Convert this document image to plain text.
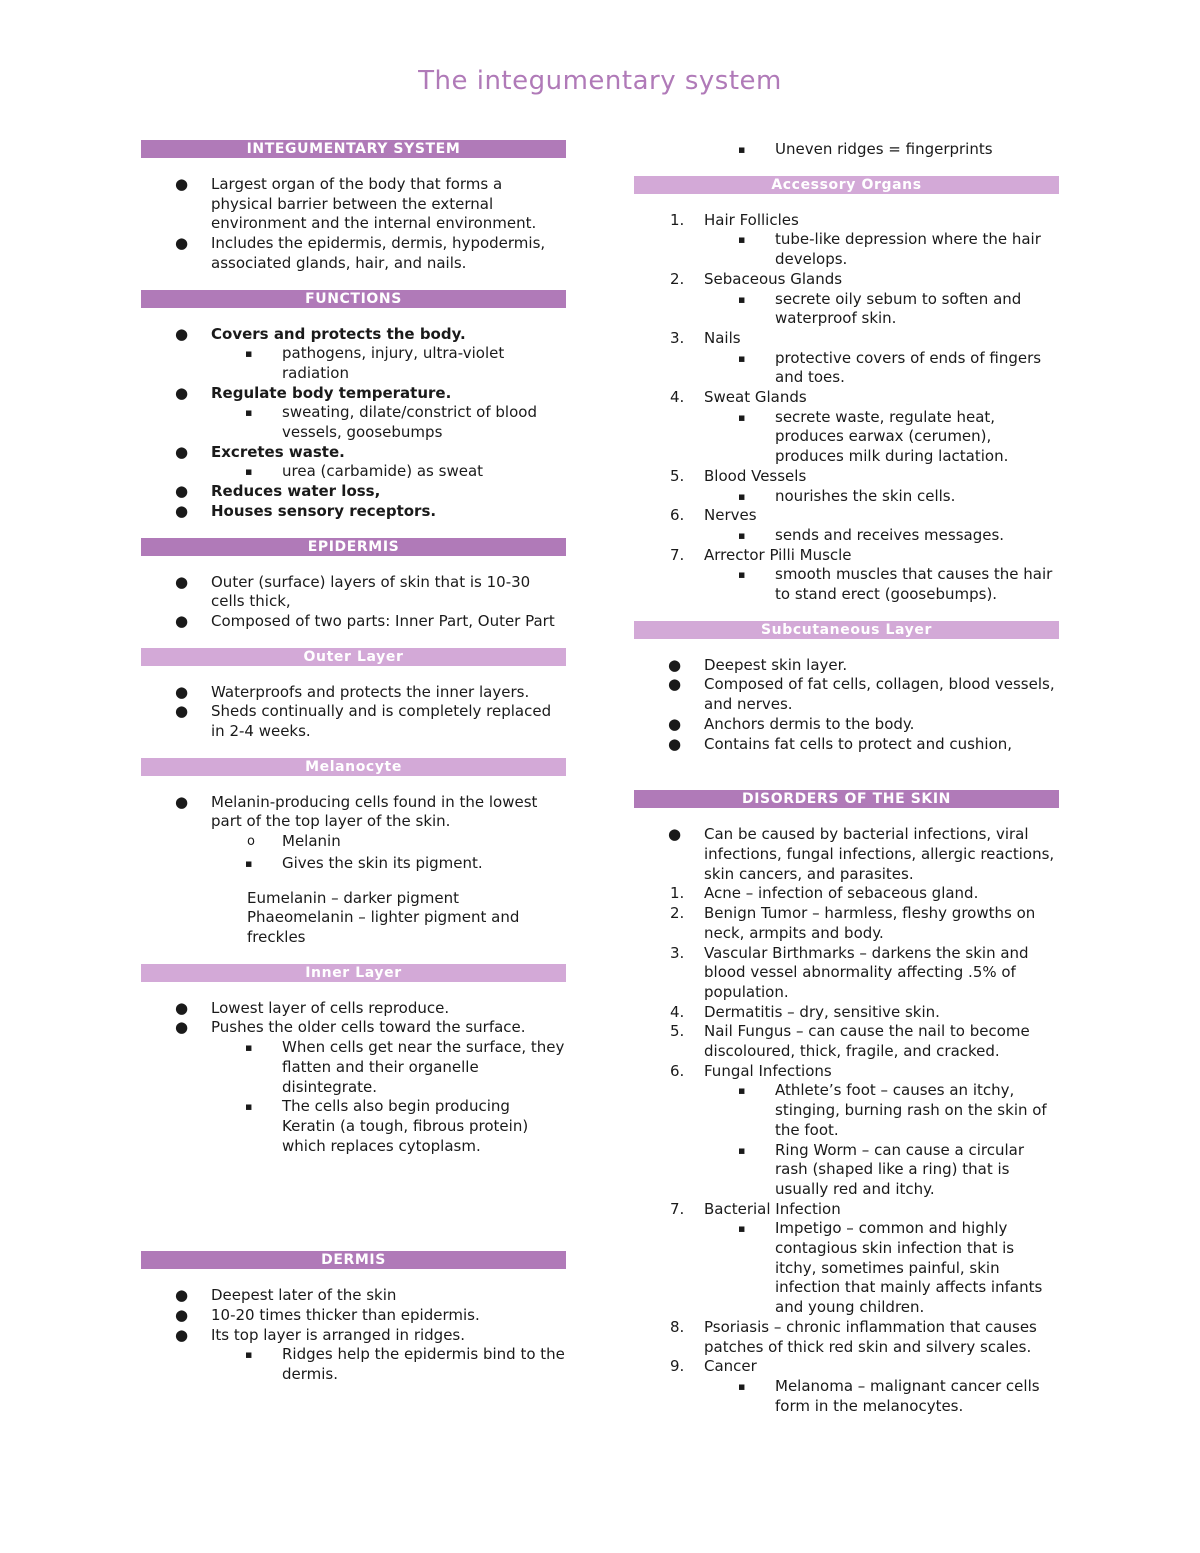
The integumentary system
INTEGUMENTARY SYSTEM
● Largest organ of the body that forms a physical barrier between the external environment and the internal environment.
● Includes the epidermis, dermis, hypodermis, associated glands, hair, and nails.
FUNCTIONS
● Covers and protects the body.
▪ pathogens, injury, ultra-violet radiation
● Regulate body temperature.
▪ sweating, dilate/constrict of blood vessels, goosebumps
● Excretes waste.
▪ urea (carbamide) as sweat
● Reduces water loss,
● Houses sensory receptors.
EPIDERMIS
● Outer (surface) layers of skin that is 10-30 cells thick,
● Composed of two parts: Inner Part, Outer Part
Outer Layer
● Waterproofs and protects the inner layers.
● Sheds continually and is completely replaced in 2-4 weeks.
Melanocyte
● Melanin-producing cells found in the lowest part of the top layer of the skin.
o Melanin
▪ Gives the skin its pigment.
Eumelanin – darker pigment
Phaeomelanin – lighter pigment and freckles
Inner Layer
● Lowest layer of cells reproduce.
● Pushes the older cells toward the surface.
▪ When cells get near the surface, they flatten and their organelle disintegrate.
▪ The cells also begin producing Keratin (a tough, fibrous protein) which replaces cytoplasm.
DERMIS
● Deepest later of the skin
● 10-20 times thicker than epidermis.
● Its top layer is arranged in ridges.
▪ Ridges help the epidermis bind to the dermis.
▪ Uneven ridges = fingerprints
Accessory Organs
1. Hair Follicles
▪ tube-like depression where the hair develops.
2. Sebaceous Glands
▪ secrete oily sebum to soften and waterproof skin.
3. Nails
▪ protective covers of ends of fingers and toes.
4. Sweat Glands
▪ secrete waste, regulate heat, produces earwax (cerumen), produces milk during lactation.
5. Blood Vessels
▪ nourishes the skin cells.
6. Nerves
▪ sends and receives messages.
7. Arrector Pilli Muscle
▪ smooth muscles that causes the hair to stand erect (goosebumps).
Subcutaneous Layer
● Deepest skin layer.
● Composed of fat cells, collagen, blood vessels, and nerves.
● Anchors dermis to the body.
● Contains fat cells to protect and cushion,
DISORDERS OF THE SKIN
● Can be caused by bacterial infections, viral infections, fungal infections, allergic reactions, skin cancers, and parasites.
1. Acne – infection of sebaceous gland.
2. Benign Tumor – harmless, fleshy growths on neck, armpits and body.
3. Vascular Birthmarks – darkens the skin and blood vessel abnormality affecting .5% of population.
4. Dermatitis – dry, sensitive skin.
5. Nail Fungus – can cause the nail to become discoloured, thick, fragile, and cracked.
6. Fungal Infections
▪ Athlete’s foot – causes an itchy, stinging, burning rash on the skin of the foot.
▪ Ring Worm – can cause a circular rash (shaped like a ring) that is usually red and itchy.
7. Bacterial Infection
▪ Impetigo – common and highly contagious skin infection that is itchy, sometimes painful, skin infection that mainly affects infants and young children.
8. Psoriasis – chronic inflammation that causes patches of thick red skin and silvery scales.
9. Cancer
▪ Melanoma – malignant cancer cells form in the melanocytes.
